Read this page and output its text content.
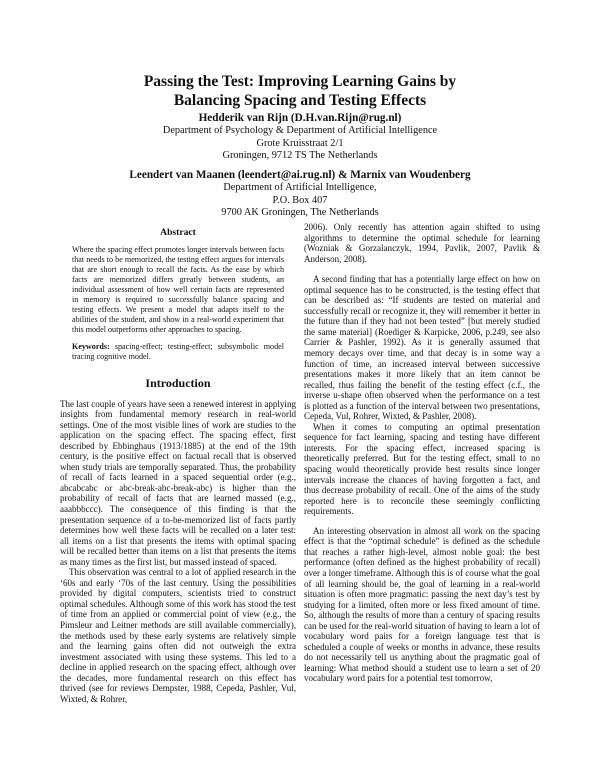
Passing the Test: Improving Learning Gains by
Balancing Spacing and Testing Effects
Hedderik van Rijn (D.H.van.Rijn@rug.nl)
Department of Psychology & Department of Artificial Intelligence
Grote Kruisstraat 2/1
Groningen, 9712 TS The Netherlands
Leendert van Maanen (leendert@ai.rug.nl) & Marnix van Woudenberg
Department of Artificial Intelligence,
P.O. Box 407
9700 AK Groningen, The Netherlands
Abstract
Where the spacing effect promotes longer intervals between facts that needs to be memorized, the testing effect argues for intervals that are short enough to recall the facts. As the ease by which facts are memorized differs greatly between students, an individual assessment of how well certain facts are represented in memory is required to successfully balance spacing and testing effects. We present a model that adapts itself to the abilities of the student, and show in a real-world experiment that this model outperforms other approaches to spacing.
Keywords: spacing-effect; testing-effect; subsymbolic model tracing cognitive model.
Introduction

The last couple of years have seen a renewed interest in applying insights from fundamental memory research in real-world settings. One of the most visible lines of work are studies to the application on the spacing effect. The spacing effect, first described by Ebbinghaus (1913/1885) at the end of the 19th century, is the positive effect on factual recall that is observed when study trials are temporally separated. Thus, the probability of recall of facts learned in a spaced sequential order (e.g., abcabcabc or abc-break-abc-break-abc) is higher than the probability of recall of facts that are learned massed (e.g., aaabbbccc). The consequence of this finding is that the presentation sequence of a to-be-memorized list of facts partly determines how well these facts will be recalled on a later test: all items on a list that presents the items with optimal spacing will be recalled better than items on a list that presents the items as many times as the first list, but massed instead of spaced.

This observation was central to a lot of applied research in the ‘60s and early ‘70s of the last century. Using the possibilities provided by digital computers, scientists tried to construct optimal schedules. Although some of this work has stood the test of time from an applied or commercial point of view (e.g., the Pimsleur and Leitner methods are still available commercially), the methods used by these early systems are relatively simple and the learning gains often did not outweigh the extra investment associated with using these systems. This led to a decline in applied research on the spacing effect, although over the decades, more fundamental research on this effect has thrived (see for reviews Dempster, 1988, Cepeda, Pashler, Vul, Wixted, & Rohrer,

2006). Only recently has attention again shifted to using algorithms to determine the optimal schedule for learning (Wozniak & Gorzalanczyk, 1994, Pavlik, 2007, Pavlik & Anderson, 2008).

A second finding that has a potentially large effect on how on optimal sequence has to be constructed, is the testing effect that can be described as: “If students are tested on material and successfully recall or recognize it, they will remember it better in the future than if they had not been tested” [but merely studied the same material] (Roediger & Karpicke, 2006, p.249, see also Carrier & Pashler, 1992). As it is generally assumed that memory decays over time, and that decay is in some way a function of time, an increased interval between successive presentations makes it more likely that an item cannot be recalled, thus failing the benefit of the testing effect (c.f., the inverse u-shape often observed when the performance on a test is plotted as a function of the interval between two presentations, Cepeda, Vul, Rohrer, Wixted, & Pashler, 2008).

When it comes to computing an optimal presentation sequence for fact learning, spacing and testing have different interests. For the spacing effect, increased spacing is theoretically preferred. But for the testing effect, small to no spacing would theoretically provide best results since longer intervals increase the chances of having forgotten a fact, and thus decrease probability of recall. One of the aims of the study reported here is to reconcile these seemingly conflicting requirements.

An interesting observation in almost all work on the spacing effect is that the “optimal schedule” is defined as the schedule that reaches a rather high-level, almost noble goal: the best performance (often defined as the highest probability of recall) over a longer timeframe. Although this is of course what the goal of all learning should be, the goal of learning in a real-world situation is often more pragmatic: passing the next day’s test by studying for a limited, often more or less fixed amount of time. So, although the results of more than a century of spacing results can be used for the real-world situation of having to learn a lot of vocabulary word pairs for a foreign language test that is scheduled a couple of weeks or months in advance, these results do not necessarily tell us anything about the pragmatic goal of learning: What method should a student use to learn a set of 20 vocabulary word pairs for a potential test tomorrow,
